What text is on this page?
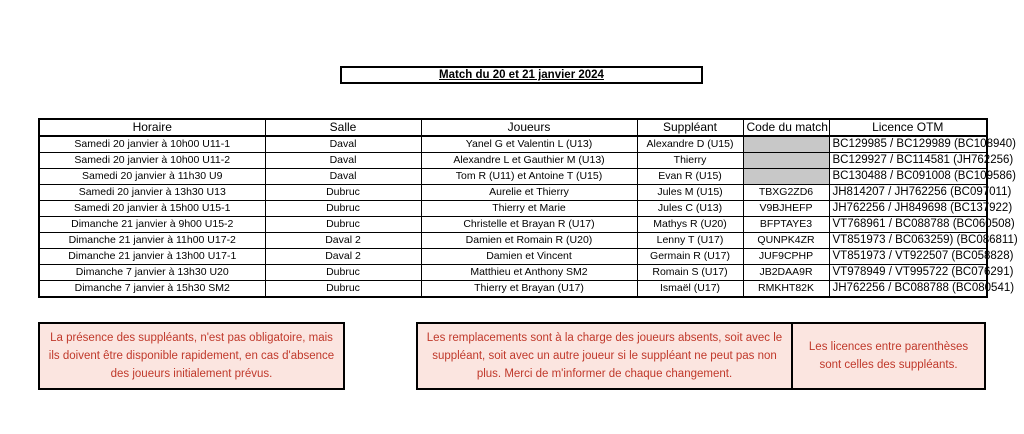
Match du 20 et 21 janvier 2024
Horaire	Salle	Joueurs	Suppléant	Code du match	Licence OTM
Samedi 20 janvier à 10h00 U11-1	Daval	Yanel G et Valentin L (U13)	Alexandre D (U15)		BC129985 / BC129989 (BC108940)
Samedi 20 janvier à 10h00 U11-2	Daval	Alexandre L et Gauthier M (U13)	Thierry		BC129927 / BC114581 (JH762256)
Samedi 20 janvier à 11h30 U9	Daval	Tom R (U11) et Antoine T (U15)	Evan R (U15)		BC130488 / BC091008 (BC109586)
Samedi 20 janvier à 13h30 U13	Dubruc	Aurelie et Thierry	Jules M (U15)	TBXG2ZD6	JH814207 / JH762256 (BC097011)
Samedi 20 janvier à 15h00 U15-1	Dubruc	Thierry et Marie	Jules C (U13)	V9BJHEFP	JH762256 / JH849698 (BC137922)
Dimanche 21 janvier à 9h00 U15-2	Dubruc	Christelle et Brayan R (U17)	Mathys R (U20)	BFPTAYE3	VT768961 / BC088788 (BC060508)
Dimanche 21 janvier à 11h00 U17-2	Daval 2	Damien et Romain R (U20)	Lenny T (U17)	QUNPK4ZR	VT851973 / BC063259) (BC086811)
Dimanche 21 janvier à 13h00 U17-1	Daval 2	Damien et Vincent	Germain R (U17)	JUF9CPHP	VT851973 / VT922507 (BC058828)
Dimanche 7 janvier à 13h30 U20	Dubruc	Matthieu et Anthony SM2	Romain S (U17)	JB2DAA9R	VT978949 / VT995722 (BC076291)
Dimanche 7 janvier à 15h30 SM2	Dubruc	Thierry et Brayan (U17)	Ismaël (U17)	RMKHT82K	JH762256 / BC088788 (BC080541)
La présence des suppléants, n'est pas obligatoire, mais ils doivent être disponible rapidement, en cas d'absence des joueurs initialement prévus.
Les remplacements sont à la charge des joueurs absents, soit avec le suppléant, soit avec un autre joueur si le suppléant ne peut pas non plus. Merci de m'informer de chaque changement.
Les licences entre parenthèses sont celles des suppléants.
